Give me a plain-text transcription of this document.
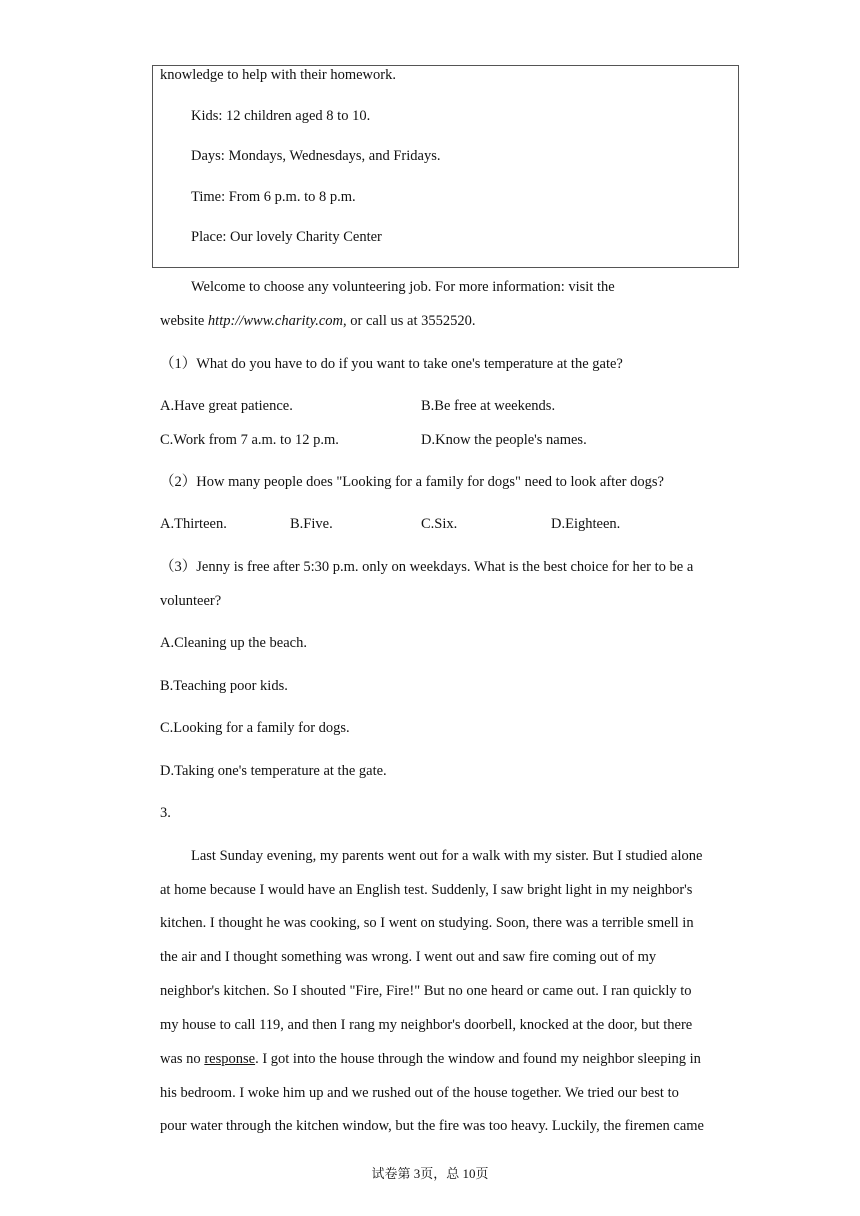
knowledge to help with their homework.
Kids: 12 children aged 8 to 10.
Days: Mondays, Wednesdays, and Fridays.
Time: From 6 p.m. to 8 p.m.
Place: Our lovely Charity Center
Welcome to choose any volunteering job. For more information: visit the
website http://www.charity.com, or call us at 3552520.
（1）What do you have to do if you want to take one's temperature at the gate?
A.Have great patience.	B.Be free at weekends.
C.Work from 7 a.m. to 12 p.m.	D.Know the people's names.
（2）How many people does "Looking for a family for dogs" need to look after dogs?
A.Thirteen.	B.Five.	C.Six.	D.Eighteen.
（3）Jenny is free after 5:30 p.m. only on weekdays. What is the best choice for her to be a
volunteer?
A.Cleaning up the beach.
B.Teaching poor kids.
C.Looking for a family for dogs.
D.Taking one's temperature at the gate.
3.
Last Sunday evening, my parents went out for a walk with my sister. But I studied alone
at home because I would have an English test. Suddenly, I saw bright light in my neighbor's
kitchen. I thought he was cooking, so I went on studying. Soon, there was a terrible smell in
the air and I thought something was wrong. I went out and saw fire coming out of my
neighbor's kitchen. So I shouted "Fire, Fire!" But no one heard or came out. I ran quickly to
my house to call 119, and then I rang my neighbor's doorbell, knocked at the door, but there
was no response. I got into the house through the window and found my neighbor sleeping in
his bedroom. I woke him up and we rushed out of the house together. We tried our best to
pour water through the kitchen window, but the fire was too heavy. Luckily, the firemen came
试卷第 3页，总 10页
